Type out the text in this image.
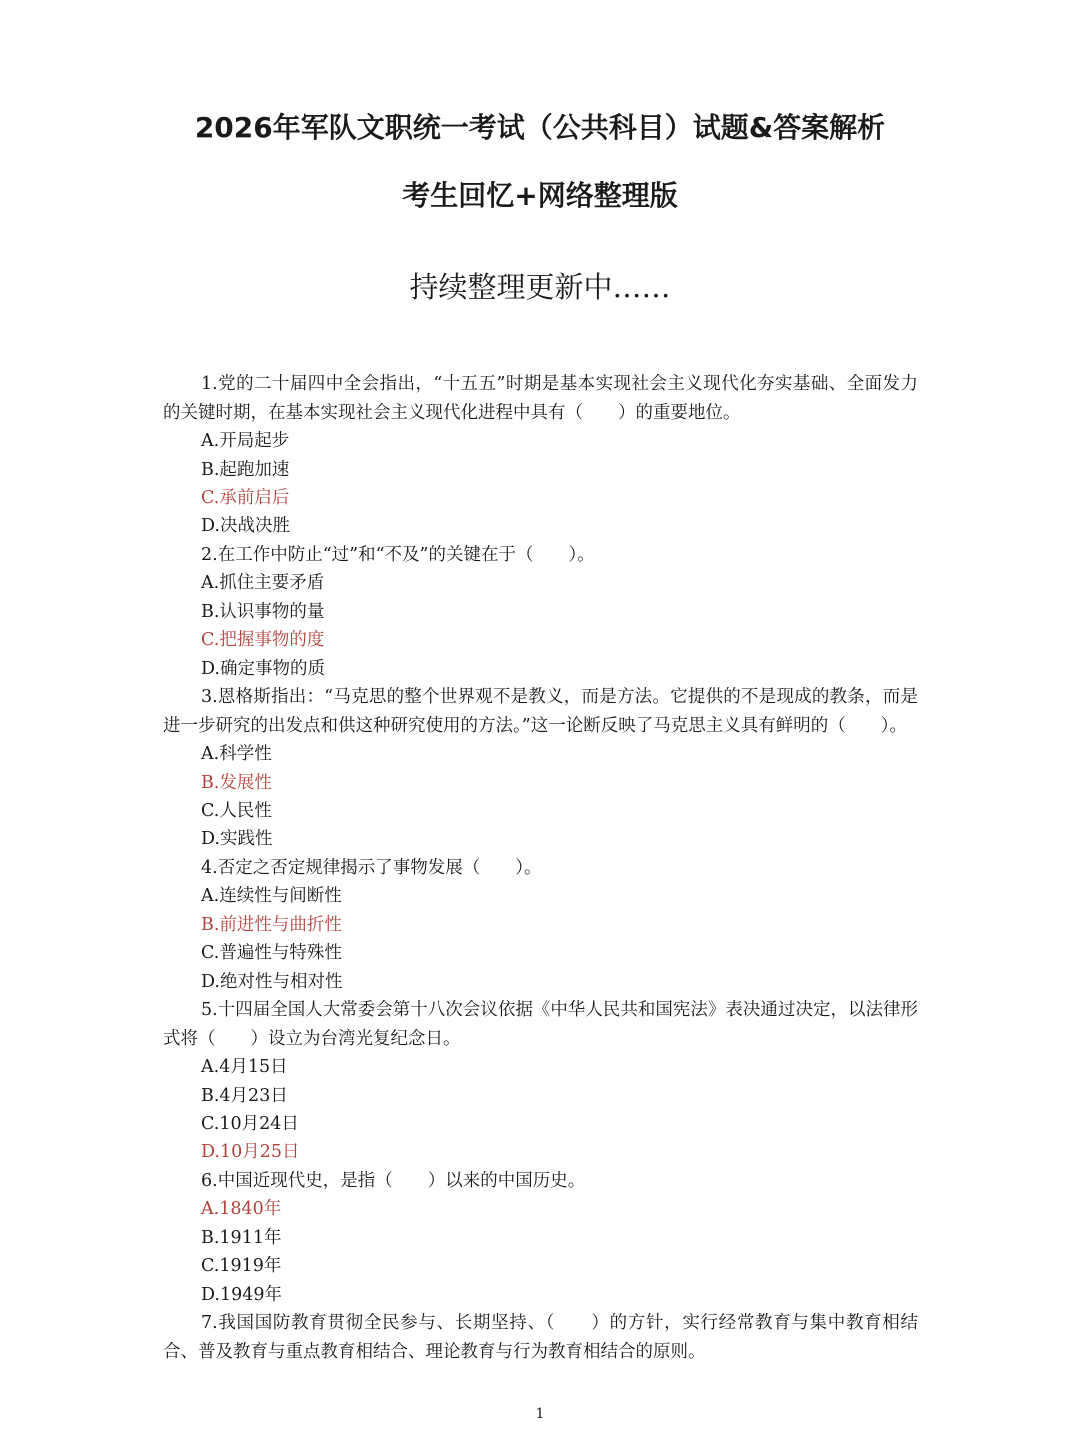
2026年军队文职统一考试（公共科目）试题&答案解析
考生回忆+网络整理版

持续整理更新中……

1.党的二十届四中全会指出，“十五五”时期是基本实现社会主义现代化夯实基础、全面发力的关键时期，在基本实现社会主义现代化进程中具有（　　）的重要地位。

A.开局起步

B.起跑加速

C.承前启后

D.决战决胜

2.在工作中防止“过”和“不及”的关键在于（　　）。

A.抓住主要矛盾

B.认识事物的量

C.把握事物的度

D.确定事物的质

3.恩格斯指出：“马克思的整个世界观不是教义，而是方法。它提供的不是现成的教条，而是进一步研究的出发点和供这种研究使用的方法。”这一论断反映了马克思主义具有鲜明的（　　）。

A.科学性

B.发展性

C.人民性

D.实践性

4.否定之否定规律揭示了事物发展（　　）。

A.连续性与间断性

B.前进性与曲折性

C.普遍性与特殊性

D.绝对性与相对性

5.十四届全国人大常委会第十八次会议依据《中华人民共和国宪法》表决通过决定，以法律形式将（　　）设立为台湾光复纪念日。

A.4月15日

B.4月23日

C.10月24日

D.10月25日

6.中国近现代史，是指（　　）以来的中国历史。

A.1840年

B.1911年

C.1919年

D.1949年

7.我国国防教育贯彻全民参与、长期坚持、（　　）的方针，实行经常教育与集中教育相结合、普及教育与重点教育相结合、理论教育与行为教育相结合的原则。

1
